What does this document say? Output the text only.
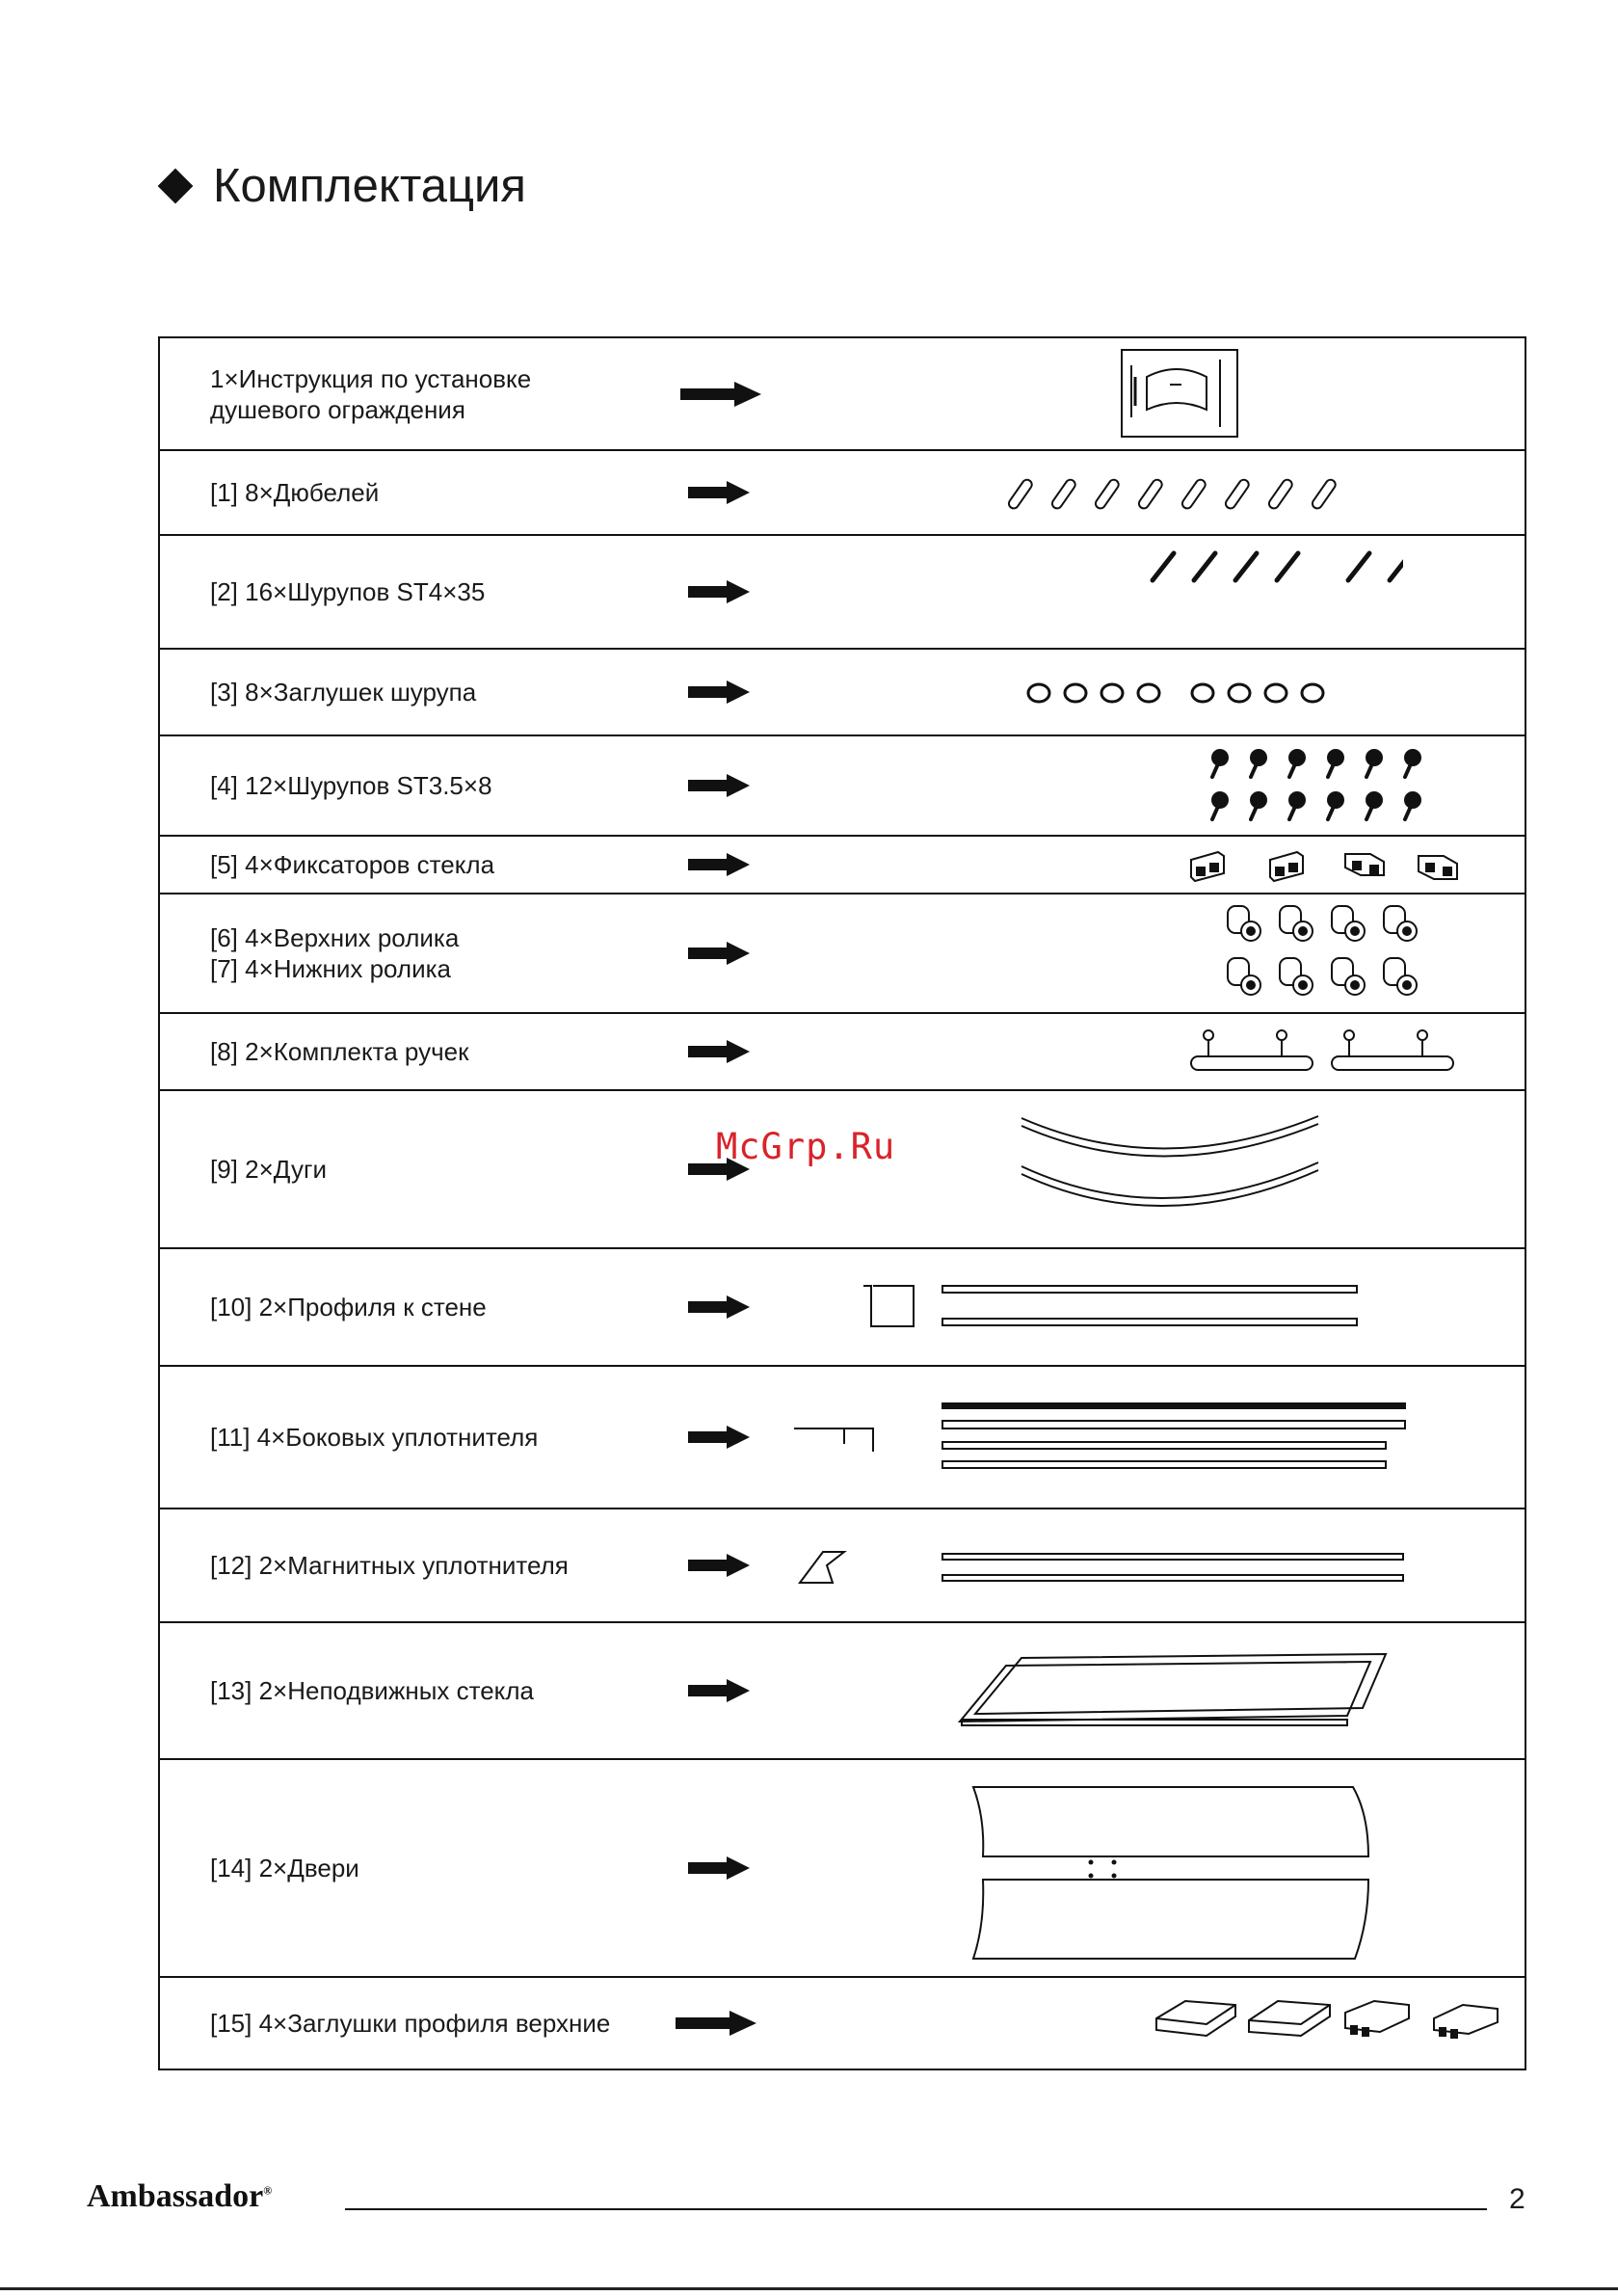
Комплектация
1×Инструкция по установке
душевого ограждения
[1] 8×Дюбелей
[2] 16×Шурупов ST4×35
[3] 8×Заглушек шурупа
[4] 12×Шурупов ST3.5×8
[5] 4×Фиксаторов стекла
[6] 4×Верхних ролика
[7] 4×Нижних ролика
[8] 2×Комплекта ручек
[9] 2×Дуги
[10] 2×Профиля к стене
[11] 4×Боковых уплотнителя
[12] 2×Магнитных уплотнителя
[13] 2×Неподвижных стекла
[14] 2×Двери
[15] 4×Заглушки профиля верхние
McGrp.Ru
Ambassador®	2
